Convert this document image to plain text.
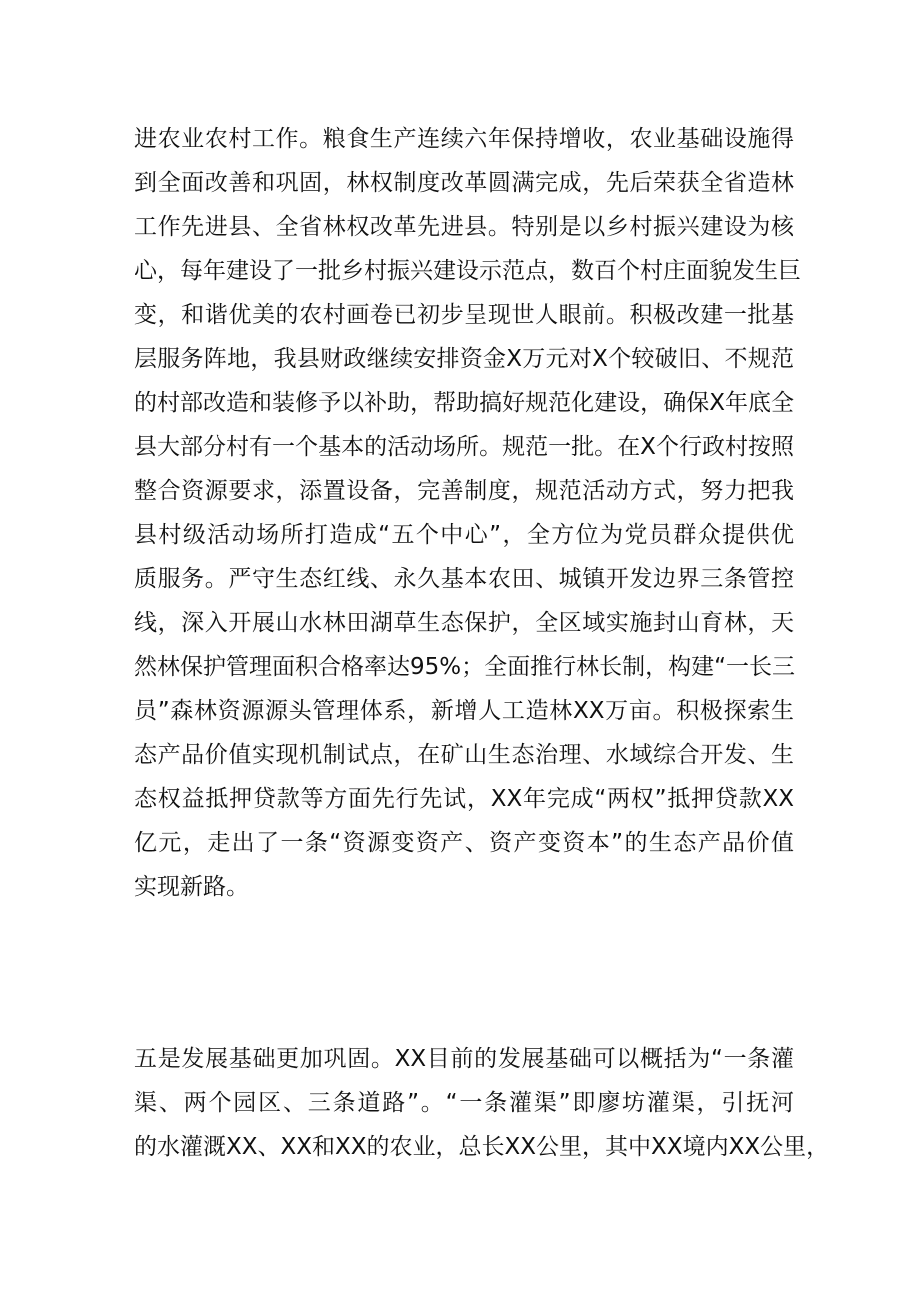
进农业农村工作。粮食生产连续六年保持增收，农业基础设施得
到全面改善和巩固，林权制度改革圆满完成，先后荣获全省造林
工作先进县、全省林权改革先进县。特别是以乡村振兴建设为核
心，每年建设了一批乡村振兴建设示范点，数百个村庄面貌发生巨
变，和谐优美的农村画卷已初步呈现世人眼前。积极改建一批基
层服务阵地，我县财政继续安排资金X万元对X个较破旧、不规范
的村部改造和装修予以补助，帮助搞好规范化建设，确保X年底全
县大部分村有一个基本的活动场所。规范一批。在X个行政村按照
整合资源要求，添置设备，完善制度，规范活动方式，努力把我
县村级活动场所打造成“五个中心”，全方位为党员群众提供优
质服务。严守生态红线、永久基本农田、城镇开发边界三条管控
线，深入开展山水林田湖草生态保护，全区域实施封山育林，天
然林保护管理面积合格率达95%；全面推行林长制，构建“一长三
员”森林资源源头管理体系，新增人工造林XX万亩。积极探索生
态产品价值实现机制试点，在矿山生态治理、水域综合开发、生
态权益抵押贷款等方面先行先试，XX年完成“两权”抵押贷款XX
亿元，走出了一条“资源变资产、资产变资本”的生态产品价值
实现新路。
五是发展基础更加巩固。XX目前的发展基础可以概括为“一条灌
渠、两个园区、三条道路”。“一条灌渠”即廖坊灌渠，引抚河
的水灌溉XX、XX和XX的农业，总长XX公里，其中XX境内XX公里，
